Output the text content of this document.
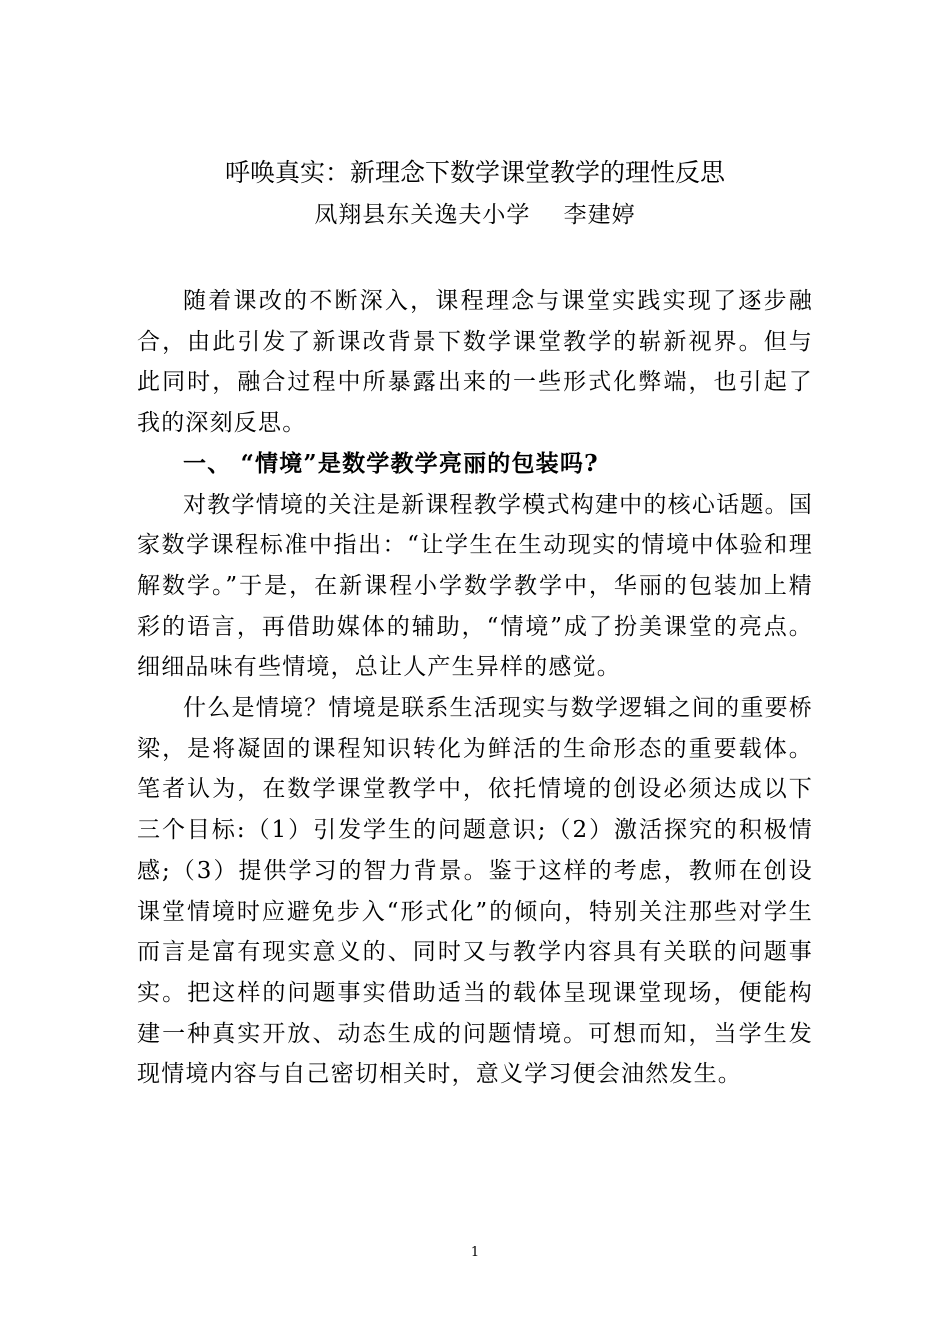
呼唤真实：新理念下数学课堂教学的理性反思

凤翔县东关逸夫小学    李建婷

随着课改的不断深入，课程理念与课堂实践实现了逐步融合，由此引发了新课改背景下数学课堂教学的崭新视界。但与此同时，融合过程中所暴露出来的一些形式化弊端，也引起了我的深刻反思。

一、 “情境”是数学教学亮丽的包装吗?

对教学情境的关注是新课程教学模式构建中的核心话题。国家数学课程标准中指出：“让学生在生动现实的情境中体验和理解数学。”于是，在新课程小学数学教学中，华丽的包装加上精彩的语言，再借助媒体的辅助，“情境”成了扮美课堂的亮点。细细品味有些情境，总让人产生异样的感觉。

什么是情境？情境是联系生活现实与数学逻辑之间的重要桥梁，是将凝固的课程知识转化为鲜活的生命形态的重要载体。笔者认为，在数学课堂教学中，依托情境的创设必须达成以下三个目标:（1）引发学生的问题意识;（2）激活探究的积极情感;（3）提供学习的智力背景。鉴于这样的考虑，教师在创设课堂情境时应避免步入“形式化”的倾向，特别关注那些对学生而言是富有现实意义的、同时又与教学内容具有关联的问题事实。把这样的问题事实借助适当的载体呈现课堂现场，便能构建一种真实开放、动态生成的问题情境。可想而知，当学生发现情境内容与自己密切相关时，意义学习便会油然发生。

1
